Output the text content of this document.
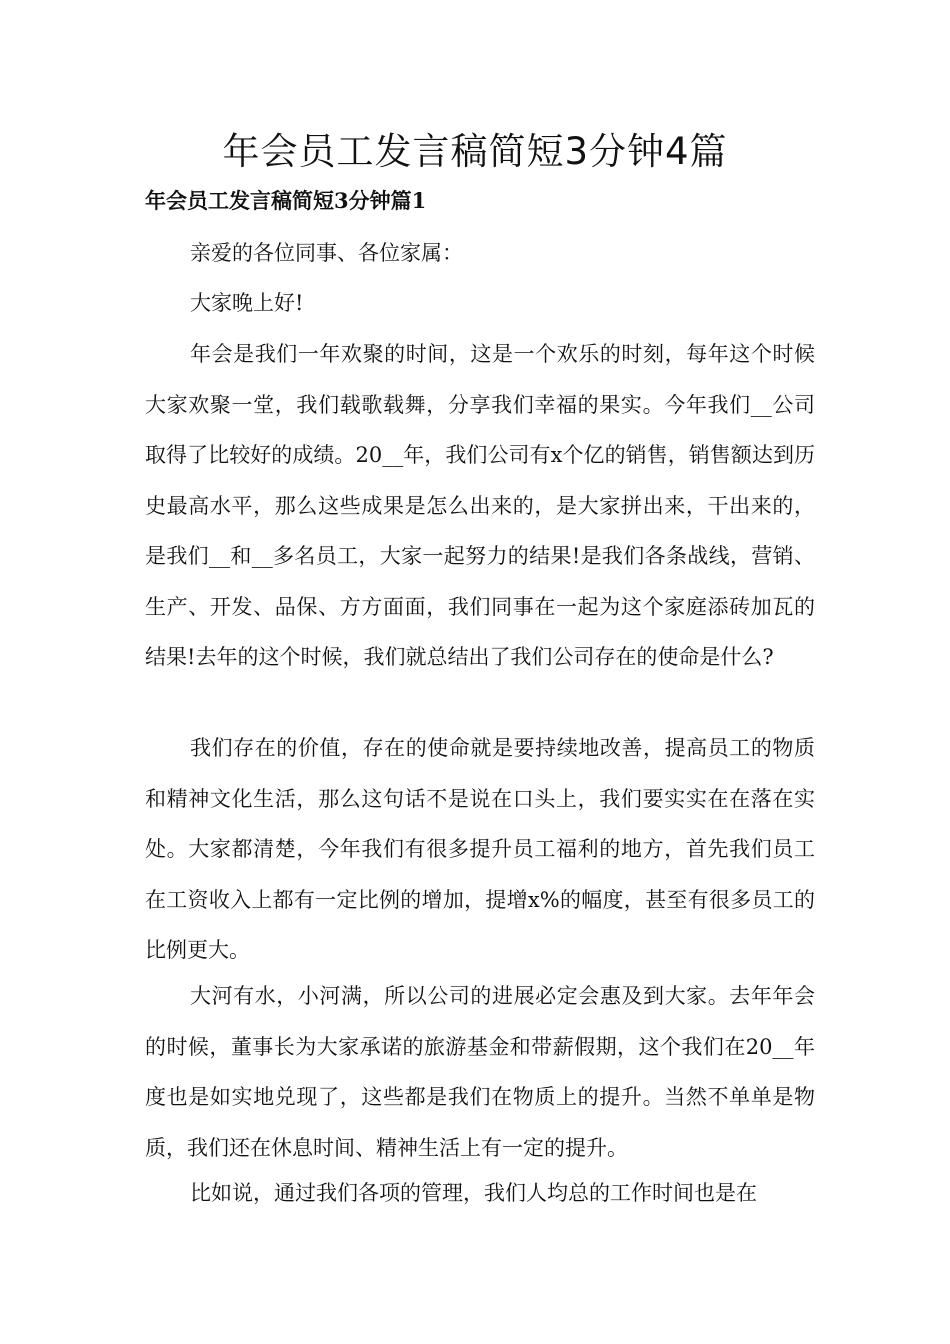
年会员工发言稿简短3分钟4篇
年会员工发言稿简短3分钟篇1

亲爱的各位同事、各位家属：

大家晚上好!

年会是我们一年欢聚的时间，这是一个欢乐的时刻，每年这个时候大家欢聚一堂，我们载歌载舞，分享我们幸福的果实。今年我们__公司取得了比较好的成绩。20__年，我们公司有x个亿的销售，销售额达到历史最高水平，那么这些成果是怎么出来的，是大家拼出来，干出来的，是我们__和__多名员工，大家一起努力的结果!是我们各条战线，营销、生产、开发、品保、方方面面，我们同事在一起为这个家庭添砖加瓦的结果!去年的这个时候，我们就总结出了我们公司存在的使命是什么?

我们存在的价值，存在的使命就是要持续地改善，提高员工的物质和精神文化生活，那么这句话不是说在口头上，我们要实实在在落在实处。大家都清楚，今年我们有很多提升员工福利的地方，首先我们员工在工资收入上都有一定比例的增加，提增x%的幅度，甚至有很多员工的比例更大。

大河有水，小河满，所以公司的进展必定会惠及到大家。去年年会的时候，董事长为大家承诺的旅游基金和带薪假期，这个我们在20__年度也是如实地兑现了，这些都是我们在物质上的提升。当然不单单是物质，我们还在休息时间、精神生活上有一定的提升。

比如说，通过我们各项的管理，我们人均总的工作时间也是在
